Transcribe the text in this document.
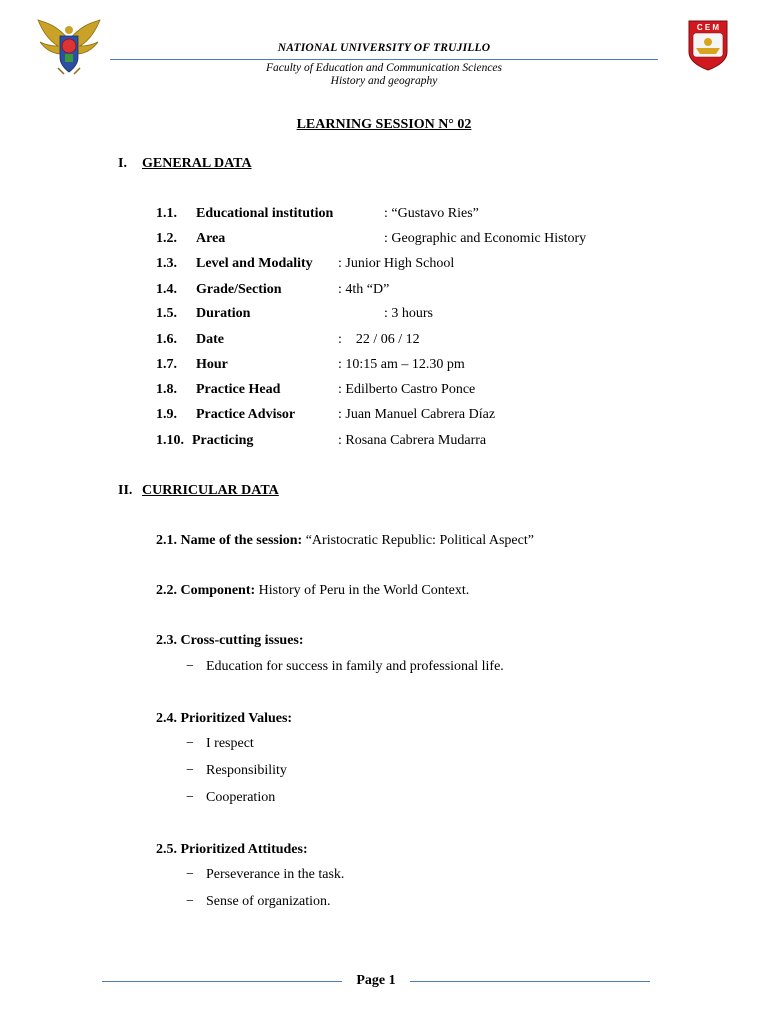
C E M
NATIONAL UNIVERSITY OF TRUJILLO
Faculty of Education and Communication Sciences
History and geography
LEARNING SESSION N° 02
I. GENERAL DATA
1.1. Educational institution	: “Gustavo Ries”
1.2. Area	: Geographic and Economic History
1.3. Level and Modality : Junior High School
1.4. Grade/Section	: 4th “D”
1.5. Duration	: 3 hours
1.6. Date	:    22 / 06 / 12
1.7. Hour	: 10:15 am – 12.30 pm
1.8. Practice Head	: Edilberto Castro Ponce
1.9. Practice Advisor	: Juan Manuel Cabrera Díaz
1.10. Practicing	: Rosana Cabrera Mudarra
II. CURRICULAR DATA
2.1. Name of the session: “Aristocratic Republic: Political Aspect”
2.2. Component: History of Peru in the World Context.
2.3. Cross-cutting issues:
− Education for success in family and professional life.
2.4. Prioritized Values:
− I respect
− Responsibility
− Cooperation
2.5. Prioritized Attitudes:
− Perseverance in the task.
− Sense of organization.
Page 1
